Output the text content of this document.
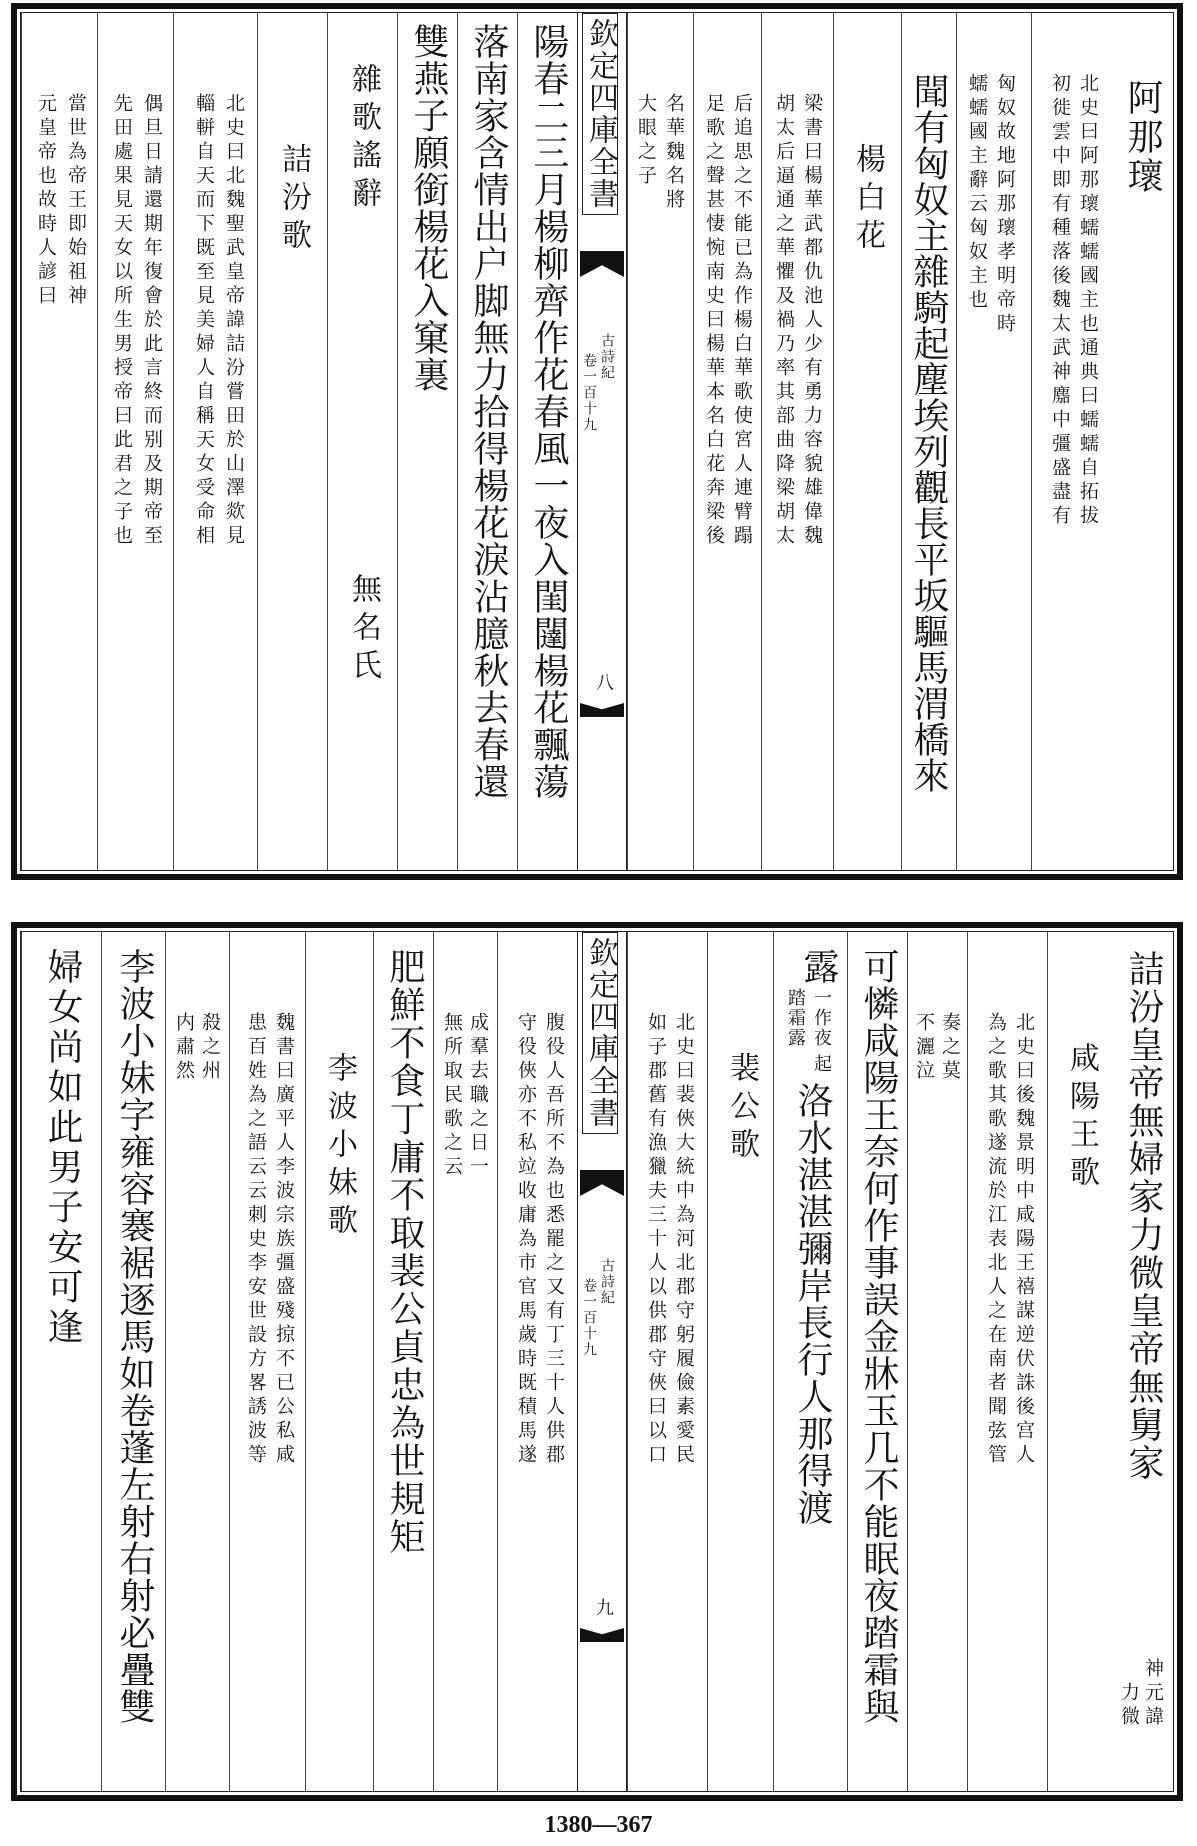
阿那瓌
北史曰阿那瓌蠕蠕國主也通典曰蠕蠕自拓拔
初徙雲中即有種落後魏太武神䴥中彊盛盡有
匈奴故地阿那瓌孝明帝時
蠕蠕國主辭云匈奴主也
聞有匈奴主雜騎起塵埃列觀長平坂驅馬渭橋來
楊白花
梁書曰楊華武都仇池人少有勇力容貌雄偉魏
胡太后逼通之華懼及禍乃率其部曲降梁胡太
后追思之不能已為作楊白華歌使宮人連臂蹋
足歌之聲甚悽惋南史曰楊華本名白花奔梁後
名華魏名將
大眼之子
欽定四庫全書
古詩紀
卷一百十九
八
陽春二三月楊柳齊作花春風一夜入閨闥楊花飄蕩
落南家含情出户脚無力拾得楊花淚沾臆秋去春還
雙燕子願銜楊花入窠裏
雜歌謠辭
無名氏
詰汾歌
北史曰北魏聖武皇帝諱詰汾嘗田於山澤欻見
輜軿自天而下既至見美婦人自稱天女受命相
偶旦日請還期年復會於此言終而别及期帝至
先田處果見天女以所生男授帝曰此君之子也
當世為帝王即始祖神
元皇帝也故時人諺曰
詰汾皇帝無婦家力微皇帝無舅家
神元諱
力微
咸陽王歌
北史曰後魏景明中咸陽王禧謀逆伏誅後宫人
為之歌其歌遂流於江表北人之在南者聞弦管
奏之莫
不灑泣
可憐咸陽王奈何作事誤金牀玉几不能眠夜踏霜與
露
一作夜
踏霜露
起
洛水湛湛彌岸長行人那得渡
裴公歌
北史曰裴俠大統中為河北郡守躬履儉素愛民
如子郡舊有漁獵夫三十人以供郡守俠曰以口
欽定四庫全書
古詩紀
卷一百十九
九
腹役人吾所不為也悉罷之又有丁三十人供郡
守役俠亦不私竝收庸為市官馬歲時既積馬遂
成羣去職之日一
無所取民歌之云
肥鮮不食丁庸不取裴公貞忠為世規矩
李波小妹歌
魏書曰廣平人李波宗族彊盛殘掠不已公私咸
患百姓為之語云云刺史李安世設方畧誘波等
殺之州
内肅然
李波小妹字雍容褰裾逐馬如卷蓬左射右射必疊雙
婦女尚如此男子安可逢
1380—367
